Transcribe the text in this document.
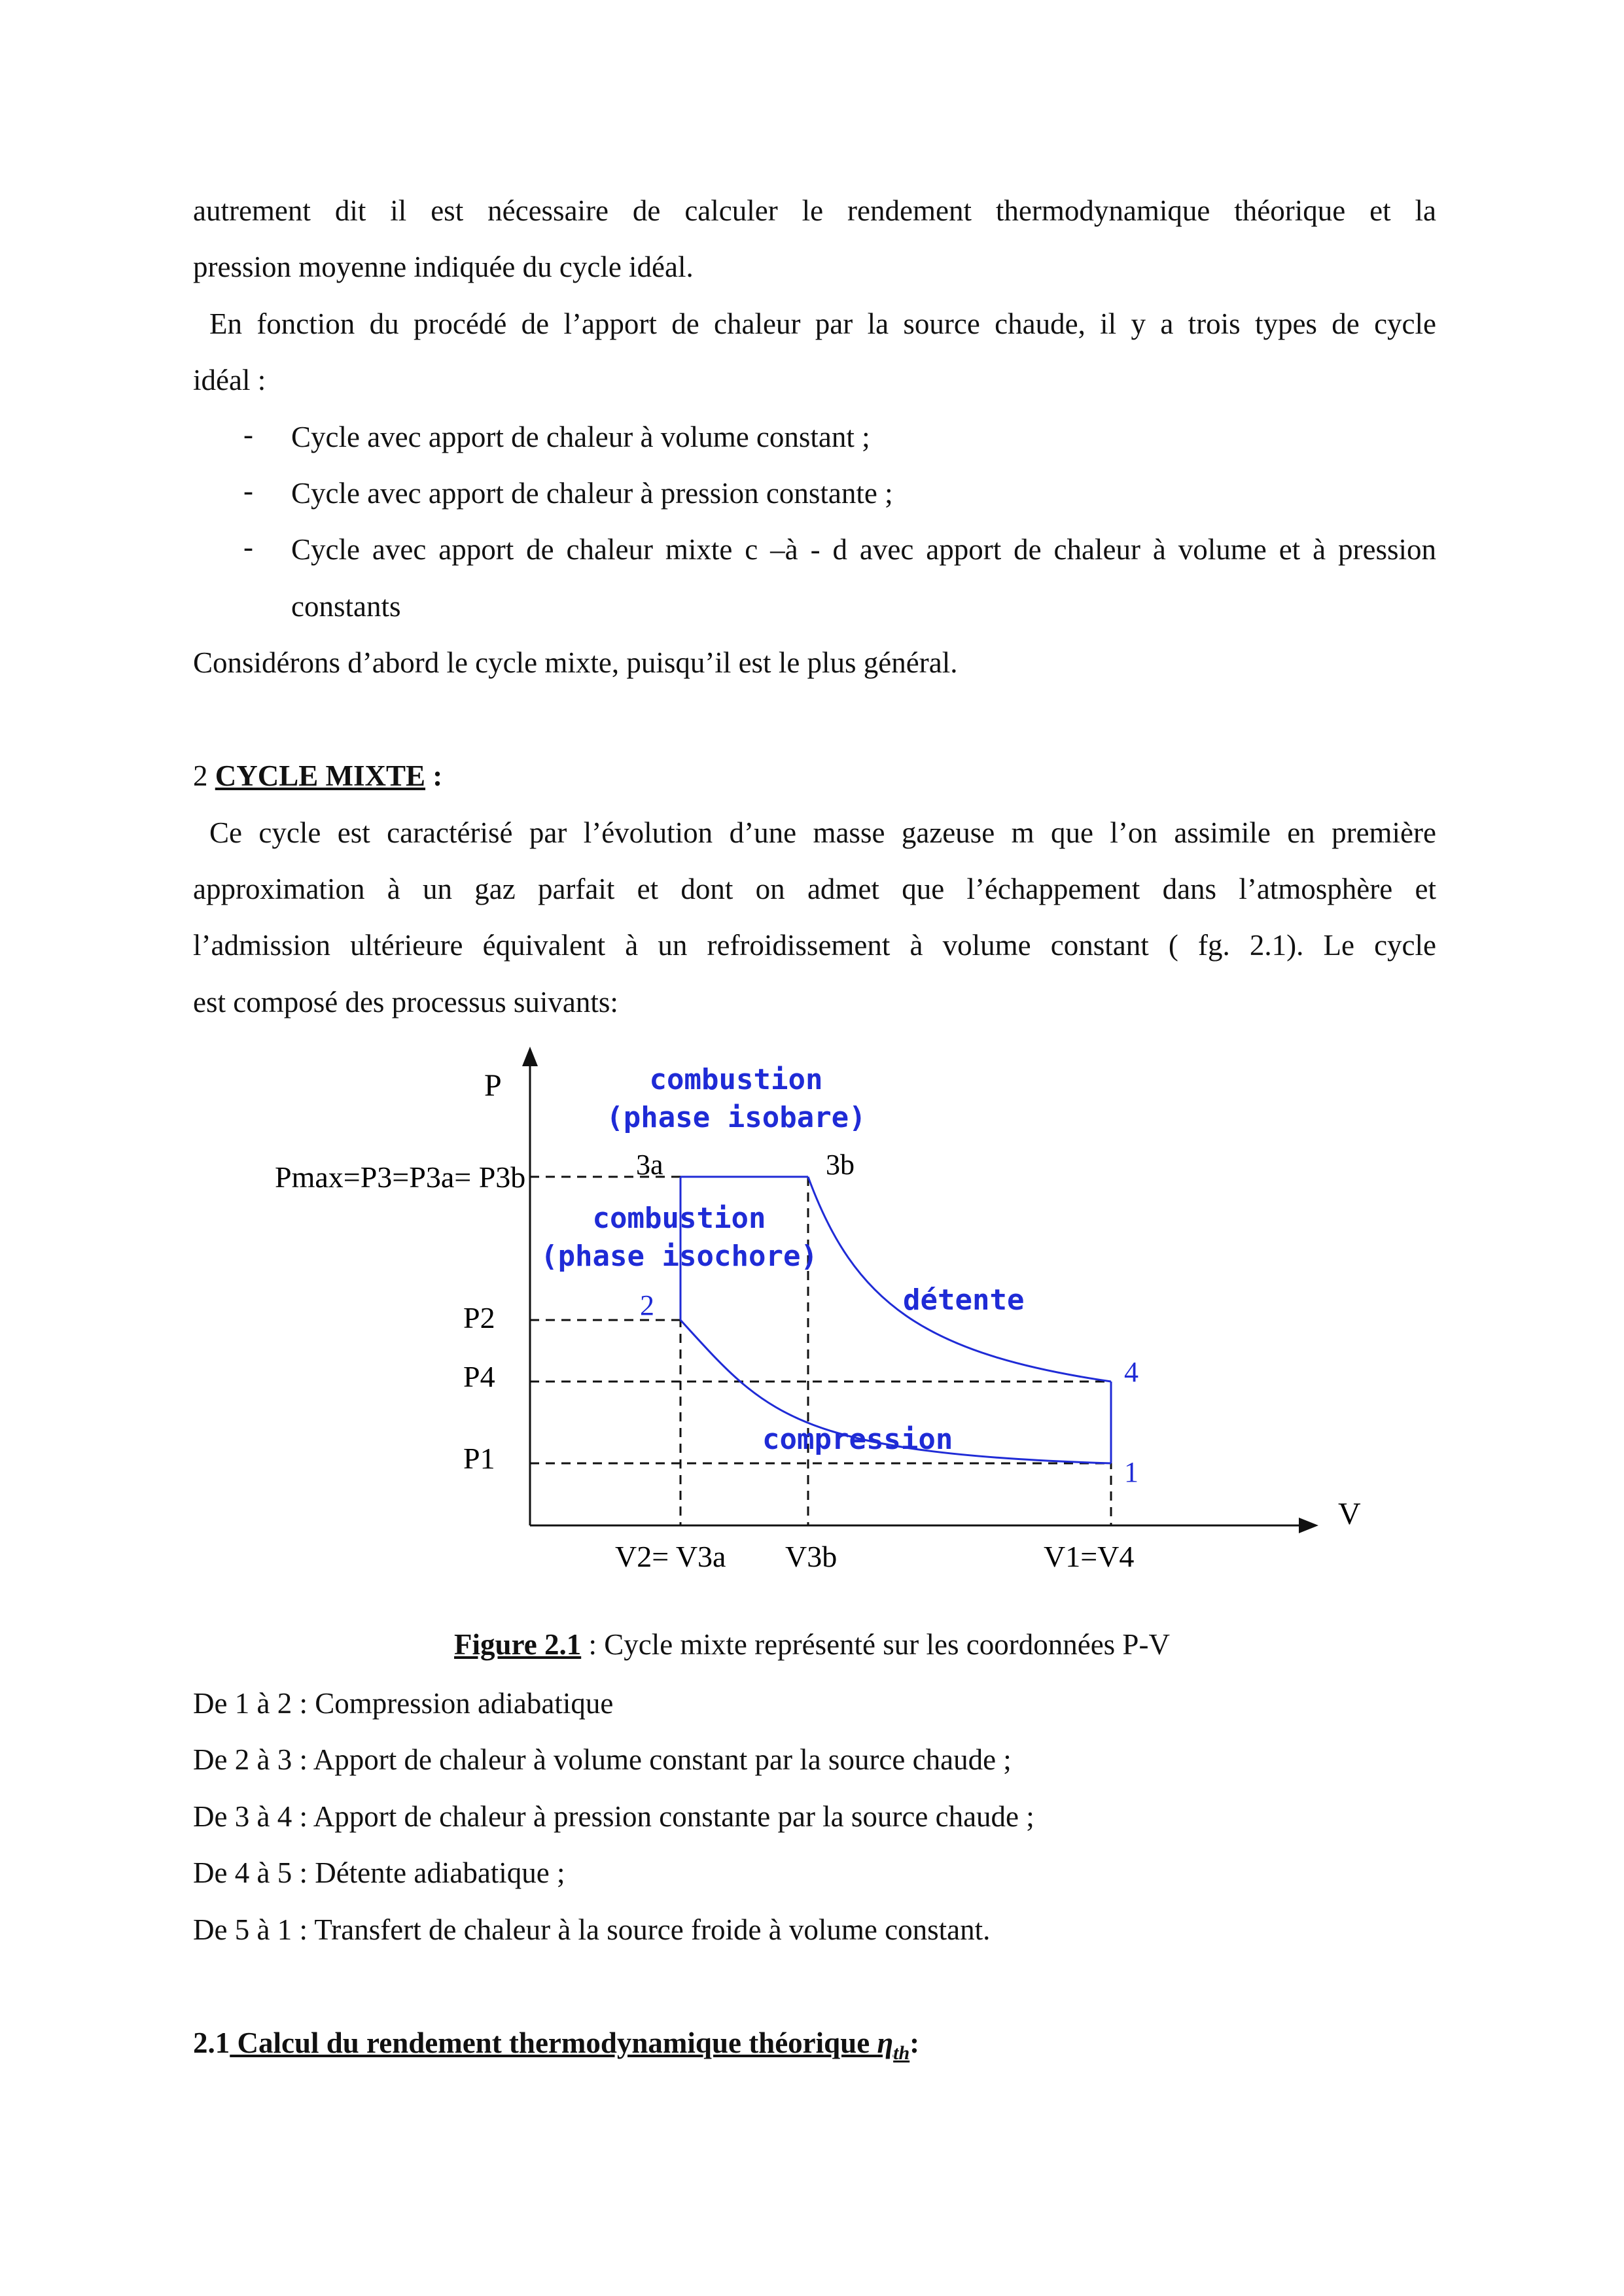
autrement dit il est nécessaire de calculer le rendement thermodynamique théorique et la
pression moyenne indiquée du cycle idéal.
En fonction du procédé de l’apport de chaleur par la source chaude, il y a trois types de cycle
idéal :
- Cycle avec apport de chaleur à volume constant ;
- Cycle avec apport de chaleur à pression constante ;
- Cycle avec apport de chaleur mixte c –à - d avec apport de chaleur à volume et à pression
constants
Considérons d’abord le cycle mixte, puisqu’il est le plus général.
2 CYCLE MIXTE :
Ce cycle est caractérisé par l’évolution d’une masse gazeuse m que l’on assimile en première
approximation à un gaz parfait et dont on admet que l’échappement dans l’atmosphère et
l’admission ultérieure équivalent à un refroidissement à volume constant ( fg. 2.1). Le cycle
est composé des processus suivants:
P
V
Pmax=P3=P3a= P3b
P2
P4
P1
V2= V3a V3b	V1=V4
3a	3b
2
4
1
combustion
(phase isobare)
combustion
(phase isochore)
détente
compression
Figure 2.1 : Cycle mixte représenté sur les coordonnées P-V
De 1 à 2 : Compression adiabatique
De 2 à 3 : Apport de chaleur à volume constant par la source chaude ;
De 3 à 4 : Apport de chaleur à pression constante par la source chaude ;
De 4 à 5 : Détente adiabatique ;
De 5 à 1 : Transfert de chaleur à la source froide à volume constant.
2.1 Calcul du rendement thermodynamique théorique $\eta_{th}$:
